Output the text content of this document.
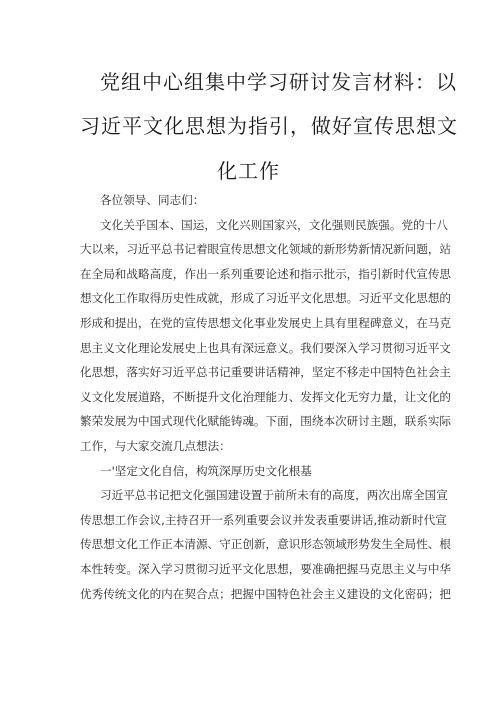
党组中心组集中学习研讨发言材料：以
习近平文化思想为指引，做好宣传思想文
化工作
各位领导、同志们：
文化关乎国本、国运，文化兴则国家兴，文化强则民族强。党的十八
大以来，习近平总书记着眼宣传思想文化领域的新形势新情况新问题，站
在全局和战略高度，作出一系列重要论述和指示批示，指引新时代宣传思
想文化工作取得历史性成就，形成了习近平文化思想。习近平文化思想的
形成和提出，在党的宣传思想文化事业发展史上具有里程碑意义，在马克
思主义文化理论发展史上也具有深远意义。我们要深入学习贯彻习近平文
化思想，落实好习近平总书记重要讲话精神，坚定不移走中国特色社会主
义文化发展道路，不断提升文化治理能力、发挥文化无穷力量，让文化的
繁荣发展为中国式现代化赋能铸魂。下面，围绕本次研讨主题，联系实际
工作，与大家交流几点想法：
一'坚定文化自信，构筑深厚历史文化根基
习近平总书记把文化强国建设置于前所未有的高度，两次出席全国宣
传思想工作会议,主持召开一系列重要会议并发表重要讲话,推动新时代宣
传思想文化工作正本清源、守正创新，意识形态领域形势发生全局性、根
本性转变。深入学习贯彻习近平文化思想，要准确把握马克思主义与中华
优秀传统文化的内在契合点；把握中国特色社会主义建设的文化密码；把
